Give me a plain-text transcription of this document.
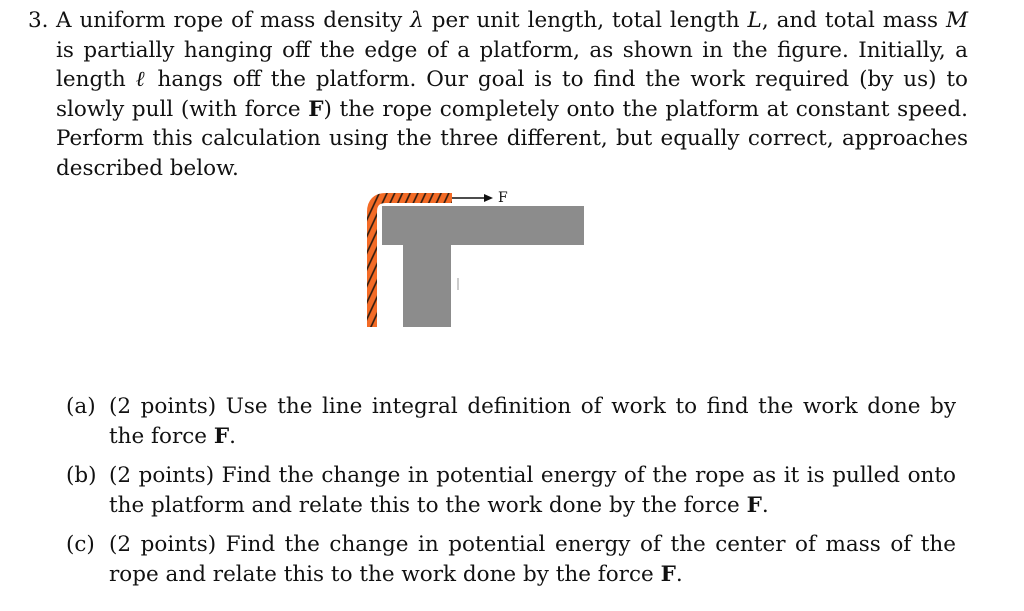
3. A uniform rope of mass density λ per unit length, total length L, and total mass M is partially hanging off the edge of a platform, as shown in the figure. Initially, a length ℓ hangs off the platform. Our goal is to find the work required (by us) to slowly pull (with force F) the rope completely onto the platform at constant speed. Perform this calculation using the three different, but equally correct, approaches described below.
F
(a) (2 points) Use the line integral definition of work to find the work done by the force F.
(b) (2 points) Find the change in potential energy of the rope as it is pulled onto the platform and relate this to the work done by the force F.
(c) (2 points) Find the change in potential energy of the center of mass of the rope and relate this to the work done by the force F.
